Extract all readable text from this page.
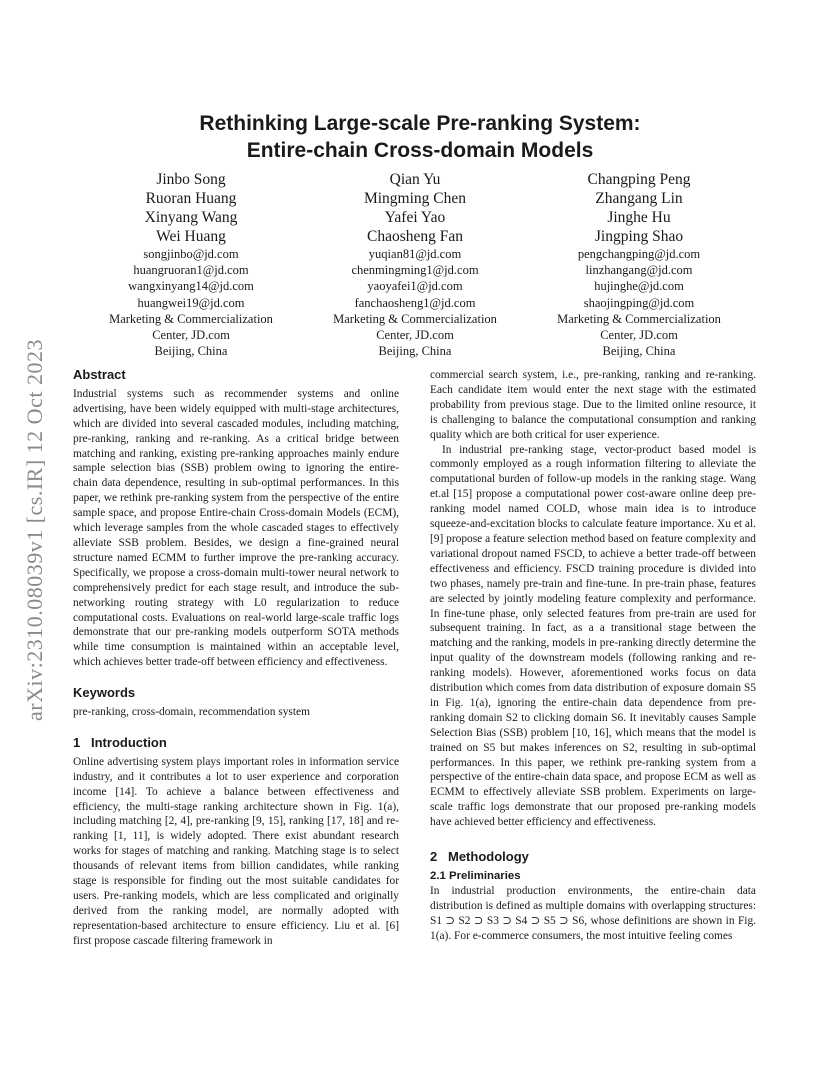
arXiv:2310.08039v1 [cs.IR] 12 Oct 2023
Rethinking Large-scale Pre-ranking System:
Entire-chain Cross-domain Models
Jinbo Song
Ruoran Huang
Xinyang Wang
Wei Huang
songjinbo@jd.com
huangruoran1@jd.com
wangxinyang14@jd.com
huangwei19@jd.com
Marketing & Commercialization
Center, JD.com
Beijing, China
Qian Yu
Mingming Chen
Yafei Yao
Chaosheng Fan
yuqian81@jd.com
chenmingming1@jd.com
yaoyafei1@jd.com
fanchaosheng1@jd.com
Marketing & Commercialization
Center, JD.com
Beijing, China
Changping Peng
Zhangang Lin
Jinghe Hu
Jingping Shao
pengchangping@jd.com
linzhangang@jd.com
hujinghe@jd.com
shaojingping@jd.com
Marketing & Commercialization
Center, JD.com
Beijing, China
Abstract

Industrial systems such as recommender systems and online advertising, have been widely equipped with multi-stage architectures, which are divided into several cascaded modules, including matching, pre-ranking, ranking and re-ranking. As a critical bridge between matching and ranking, existing pre-ranking approaches mainly endure sample selection bias (SSB) problem owing to ignoring the entire-chain data dependence, resulting in sub-optimal performances. In this paper, we rethink pre-ranking system from the perspective of the entire sample space, and propose Entire-chain Cross-domain Models (ECM), which leverage samples from the whole cascaded stages to effectively alleviate SSB problem. Besides, we design a fine-grained neural structure named ECMM to further improve the pre-ranking accuracy. Specifically, we propose a cross-domain multi-tower neural network to comprehensively predict for each stage result, and introduce the sub-networking routing strategy with L0 regularization to reduce computational costs. Evaluations on real-world large-scale traffic logs demonstrate that our pre-ranking models outperform SOTA methods while time consumption is maintained within an acceptable level, which achieves better trade-off between efficiency and effectiveness.

Keywords

pre-ranking, cross-domain, recommendation system

1 Introduction

Online advertising system plays important roles in information service industry, and it contributes a lot to user experience and corporation income [14]. To achieve a balance between effectiveness and efficiency, the multi-stage ranking architecture shown in Fig. 1(a), including matching [2, 4], pre-ranking [9, 15], ranking [17, 18] and re-ranking [1, 11], is widely adopted. There exist abundant research works for stages of matching and ranking. Matching stage is to select thousands of relevant items from billion candidates, while ranking stage is responsible for finding out the most suitable candidates for users. Pre-ranking models, which are less complicated and originally derived from the ranking model, are normally adopted with representation-based architecture to ensure efficiency. Liu et al. [6] first propose cascade filtering framework in

commercial search system, i.e., pre-ranking, ranking and re-ranking. Each candidate item would enter the next stage with the estimated probability from previous stage. Due to the limited online resource, it is challenging to balance the computational consumption and ranking quality which are both critical for user experience.

In industrial pre-ranking stage, vector-product based model is commonly employed as a rough information filtering to alleviate the computational burden of follow-up models in the ranking stage. Wang et.al [15] propose a computational power cost-aware online deep pre-ranking model named COLD, whose main idea is to introduce squeeze-and-excitation blocks to calculate feature importance. Xu et al. [9] propose a feature selection method based on feature complexity and variational dropout named FSCD, to achieve a better trade-off between effectiveness and efficiency. FSCD training procedure is divided into two phases, namely pre-train and fine-tune. In pre-train phase, features are selected by jointly modeling feature complexity and performance. In fine-tune phase, only selected features from pre-train are used for subsequent training. In fact, as a a transitional stage between the matching and the ranking, models in pre-ranking directly determine the input quality of the downstream models (following ranking and re-ranking models). However, aforementioned works focus on data distribution which comes from data distribution of exposure domain S5 in Fig. 1(a), ignoring the entire-chain data dependence from pre-ranking domain S2 to clicking domain S6. It inevitably causes Sample Selection Bias (SSB) problem [10, 16], which means that the model is trained on S5 but makes inferences on S2, resulting in sub-optimal performances. In this paper, we rethink pre-ranking system from a perspective of the entire-chain data space, and propose ECM as well as ECMM to effectively alleviate SSB problem. Experiments on large-scale traffic logs demonstrate that our proposed pre-ranking models have achieved better efficiency and effectiveness.

2 Methodology
2.1 Preliminaries

In industrial production environments, the entire-chain data distribution is defined as multiple domains with overlapping structures: S1 ⊃ S2 ⊃ S3 ⊃ S4 ⊃ S5 ⊃ S6, whose definitions are shown in Fig. 1(a). For e-commerce consumers, the most intuitive feeling comes
